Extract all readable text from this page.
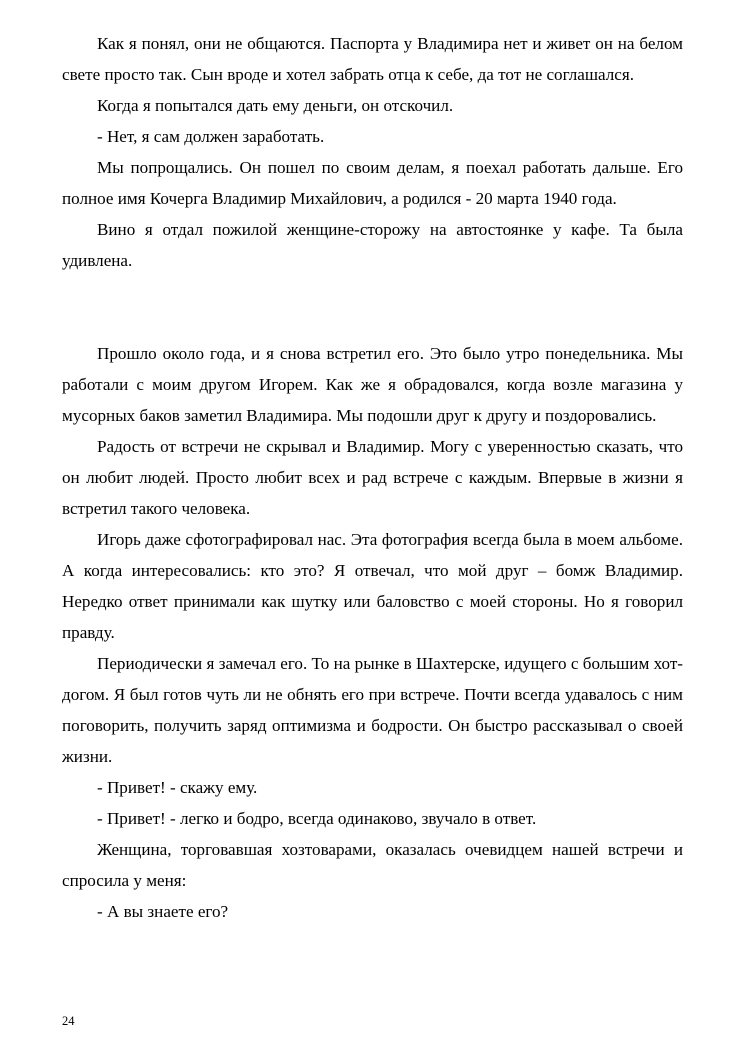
Как я понял, они не общаются. Паспорта у Владимира нет и живет он на белом свете просто так. Сын вроде и хотел забрать отца к себе, да тот не соглашался.

Когда я попытался дать ему деньги, он отскочил.

- Нет, я сам должен заработать.

Мы попрощались. Он пошел по своим делам, я поехал работать дальше. Его полное имя Кочерга Владимир Михайлович, а родился - 20 марта 1940 года.

Вино я отдал пожилой женщине-сторожу на автостоянке у кафе. Та была удивлена.

Прошло около года, и я снова встретил его. Это было утро понедельника. Мы работали с моим другом Игорем. Как же я обрадовался, когда возле магазина у мусорных баков заметил Владимира. Мы подошли друг к другу и поздоровались.

Радость от встречи не скрывал и Владимир. Могу с уверенностью сказать, что он любит людей. Просто любит всех и рад встрече с каждым. Впервые в жизни я встретил такого человека.

Игорь даже сфотографировал нас. Эта фотография всегда была в моем альбоме. А когда интересовались: кто это? Я отвечал, что мой друг – бомж Владимир. Нередко ответ принимали как шутку или баловство с моей стороны. Но я говорил правду.

Периодически я замечал его. То на рынке в Шахтерске, идущего с большим хот-догом. Я был готов чуть ли не обнять его при встрече. Почти всегда удавалось с ним поговорить, получить заряд оптимизма и бодрости. Он быстро рассказывал о своей жизни.

- Привет! - скажу ему.

- Привет! - легко и бодро, всегда одинаково, звучало в ответ.

Женщина, торговавшая хозтоварами, оказалась очевидцем нашей встречи и спросила у меня:

- А вы знаете его?

24
